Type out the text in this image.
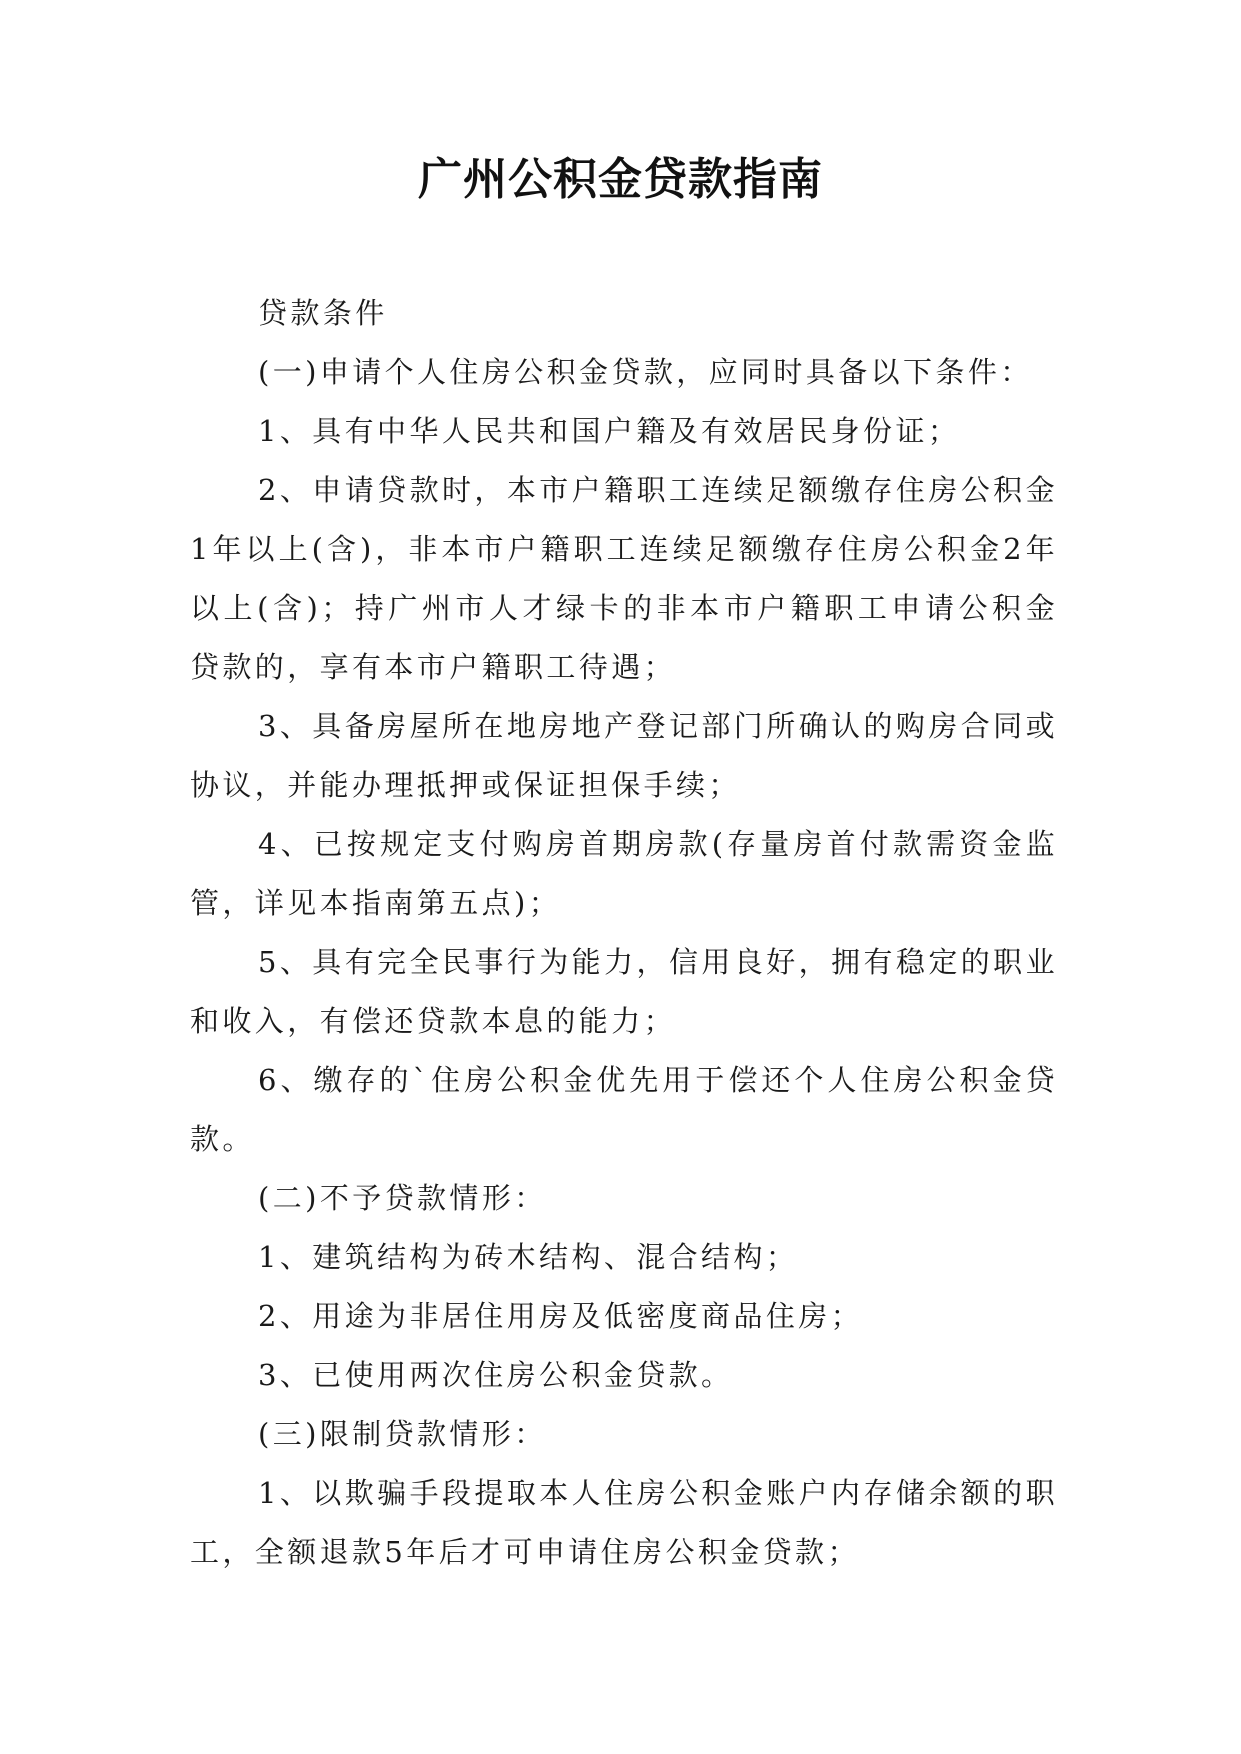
广州公积金贷款指南

贷款条件

(一)申请个人住房公积金贷款，应同时具备以下条件：

1、具有中华人民共和国户籍及有效居民身份证；

2、申请贷款时，本市户籍职工连续足额缴存住房公积金1年以上(含)，非本市户籍职工连续足额缴存住房公积金2年以上(含)；持广州市人才绿卡的非本市户籍职工申请公积金贷款的，享有本市户籍职工待遇；

3、具备房屋所在地房地产登记部门所确认的购房合同或协议，并能办理抵押或保证担保手续；

4、已按规定支付购房首期房款(存量房首付款需资金监管，详见本指南第五点)；

5、具有完全民事行为能力，信用良好，拥有稳定的职业和收入，有偿还贷款本息的能力；

6、缴存的`住房公积金优先用于偿还个人住房公积金贷款。

(二)不予贷款情形：

1、建筑结构为砖木结构、混合结构；

2、用途为非居住用房及低密度商品住房；

3、已使用两次住房公积金贷款。

(三)限制贷款情形：

1、以欺骗手段提取本人住房公积金账户内存储余额的职工，全额退款5年后才可申请住房公积金贷款；
